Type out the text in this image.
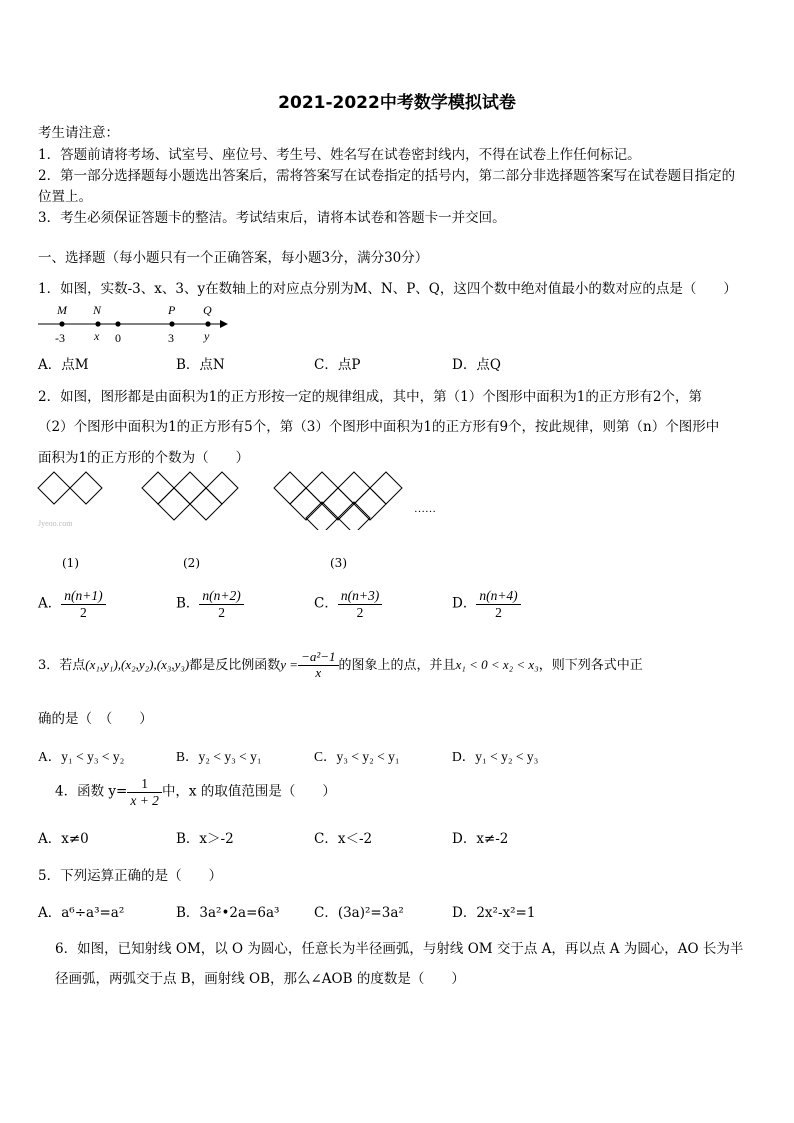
2021-2022中考数学模拟试卷
考生请注意：
1．答题前请将考场、试室号、座位号、考生号、姓名写在试卷密封线内，不得在试卷上作任何标记。
2．第一部分选择题每小题选出答案后，需将答案写在试卷指定的括号内，第二部分非选择题答案写在试卷题目指定的
位置上。
3．考生必须保证答题卡的整洁。考试结束后，请将本试卷和答题卡一并交回。
一、选择题（每小题只有一个正确答案，每小题3分，满分30分）
1．如图，实数-3、x、3、y在数轴上的对应点分别为M、N、P、Q，这四个数中绝对值最小的数对应的点是（　　）
M N	P Q
-3 x 0	3	y
A．点M	B．点N	C．点P	D．点Q
2．如图，图形都是由面积为1的正方形按一定的规律组成，其中，第（1）个图形中面积为1的正方形有2个，第
（2）个图形中面积为1的正方形有5个，第（3）个图形中面积为1的正方形有9个，按此规律，则第（n）个图形中
面积为1的正方形的个数为（　　）
……
Jyeoo.com
(1)	(2)	(3)
A． $\frac{n(n+1)}{2}$	B． $\frac{n(n+2)}{2}$	C． $\frac{n(n+3)}{2}$	D． $\frac{n(n+4)}{2}$
3．若点(x₁,y₁),(x₂,y₂),(x₃,y₃)都是反比例函数$y = \frac{\text{−a²−1}}{x}$ 的图象上的点，并且x₁ < 0 < x₂ < x₃，则下列各式中正
确的是（　（　　）
A．y₁ < y₃ < y₂	B．y₂ < y₃ < y₁	C．y₃ < y₂ < y₁	D．y₁ < y₂ < y₃
4．函数 $y= \frac{1}{x + 2}$ 中，x 的取值范围是（　　）
A．x≠0	B．x＞-2	C．x＜-2	D．x≠-2
5．下列运算正确的是（　　）
A．a⁶÷a³=a²	B．3a²•2a=6a³	C．(3a)²=3a²	D．2x²-x²=1
6．如图，已知射线 OM，以 O 为圆心，任意长为半径画弧，与射线 OM 交于点 A，再以点 A 为圆心，AO 长为半
径画弧，两弧交于点 B，画射线 OB，那么∠AOB 的度数是（　　）
